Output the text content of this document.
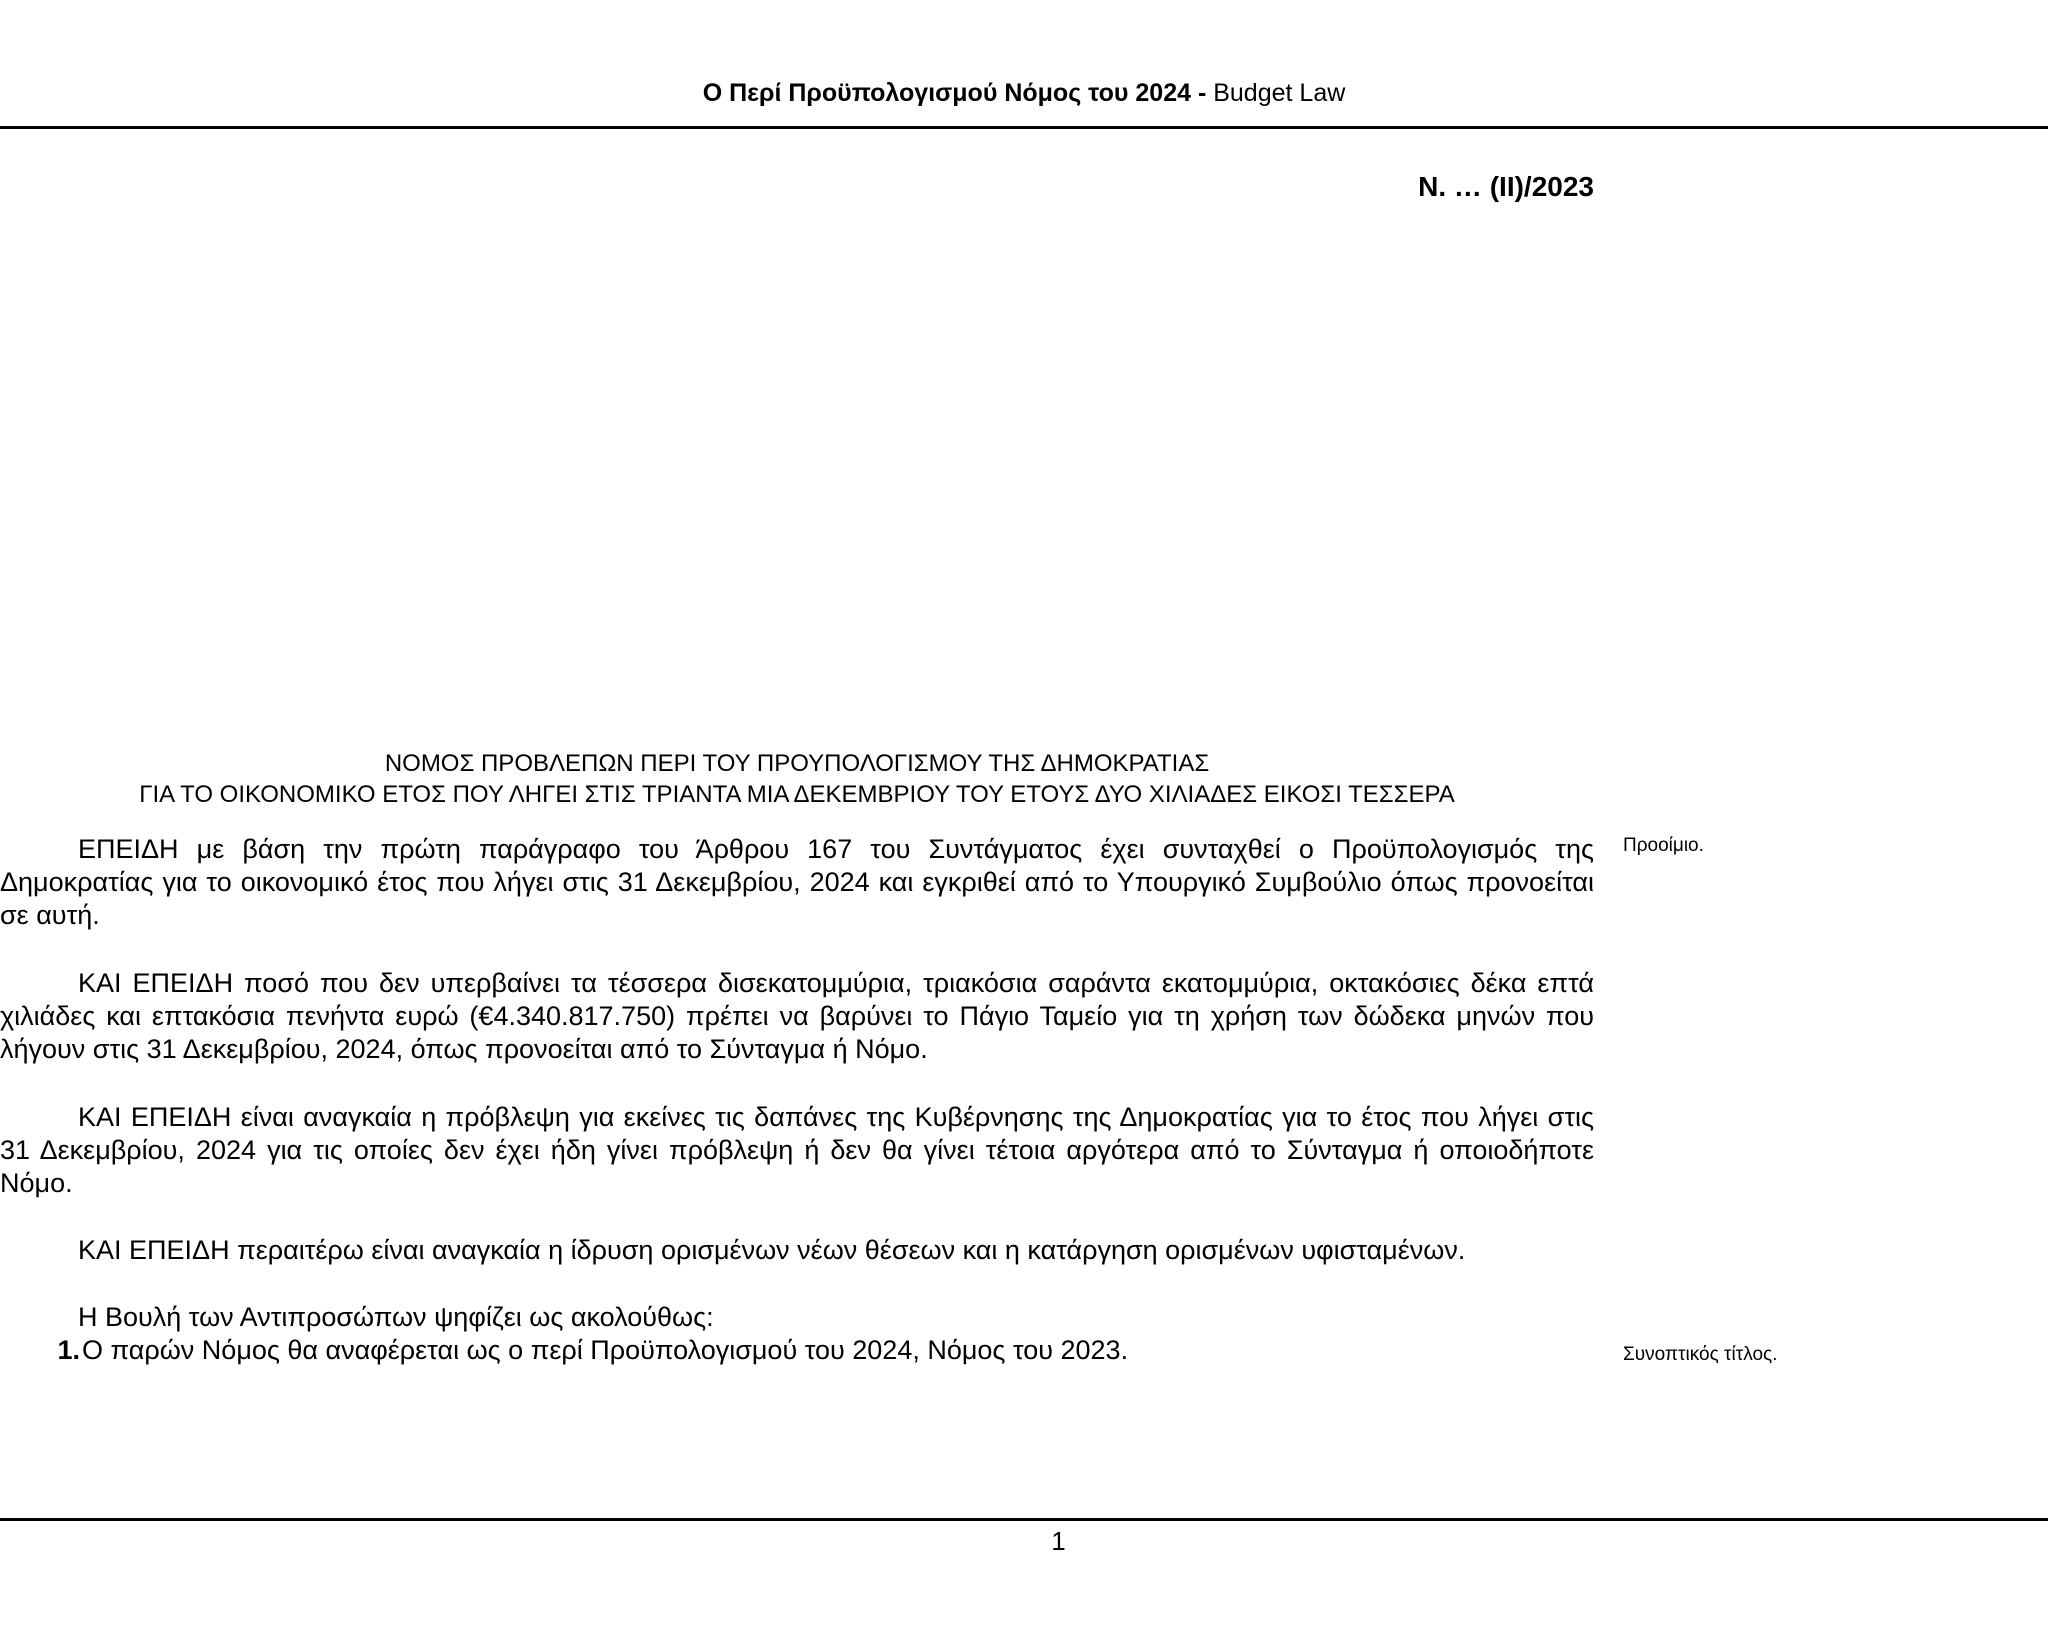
Ο Περί Προϋπολογισμού Νόμος του 2024 - Budget Law
Ν. … (ΙΙ)/2023
ΝΟΜΟΣ ΠΡΟΒΛΕΠΩΝ ΠΕΡΙ ΤΟΥ ΠΡΟΥΠΟΛΟΓΙΣΜΟΥ ΤΗΣ ΔΗΜΟΚΡΑΤΙΑΣ
ΓΙΑ ΤΟ ΟΙΚΟΝΟΜΙΚΟ ΕΤΟΣ ΠΟΥ ΛΗΓΕΙ ΣΤΙΣ ΤΡΙΑΝΤΑ ΜΙΑ ΔΕΚΕΜΒΡΙΟΥ ΤΟΥ ΕΤΟΥΣ ΔΥΟ ΧΙΛΙΑΔΕΣ ΕΙΚΟΣΙ ΤΕΣΣΕΡΑ
ΕΠΕΙΔΗ με βάση την πρώτη παράγραφο του Άρθρου 167 του Συντάγματος έχει συνταχθεί ο Προϋπολογισμός της Δημοκρατίας για το οικονομικό έτος που λήγει στις 31 Δεκεμβρίου, 2024 και εγκριθεί από το Υπουργικό Συμβούλιο όπως προνοείται σε αυτή.
ΚΑΙ ΕΠΕΙΔΗ ποσό που δεν υπερβαίνει τα τέσσερα δισεκατομμύρια, τριακόσια σαράντα εκατομμύρια, οκτακόσιες δέκα επτά χιλιάδες και επτακόσια πενήντα ευρώ (€4.340.817.750) πρέπει να βαρύνει το Πάγιο Ταμείο για τη χρήση των δώδεκα μηνών που λήγουν στις 31 Δεκεμβρίου, 2024, όπως προνοείται από το Σύνταγμα ή Νόμο.
ΚΑΙ ΕΠΕΙΔΗ είναι αναγκαία η πρόβλεψη για εκείνες τις δαπάνες της Κυβέρνησης της Δημοκρατίας για το έτος που λήγει στις 31 Δεκεμβρίου, 2024 για τις οποίες δεν έχει ήδη γίνει πρόβλεψη ή δεν θα γίνει τέτοια αργότερα από το Σύνταγμα ή οποιοδήποτε Νόμο.
ΚΑΙ ΕΠΕΙΔΗ περαιτέρω είναι αναγκαία η ίδρυση ορισμένων νέων θέσεων και η κατάργηση ορισμένων υφισταμένων.
Η Βουλή των Αντιπροσώπων ψηφίζει ως ακολούθως:
1.Ο παρών Νόμος θα αναφέρεται ως ο περί Προϋπολογισμού του 2024, Νόμος του 2023.
Προοίμιο.
Συνοπτικός τίτλος.
1
